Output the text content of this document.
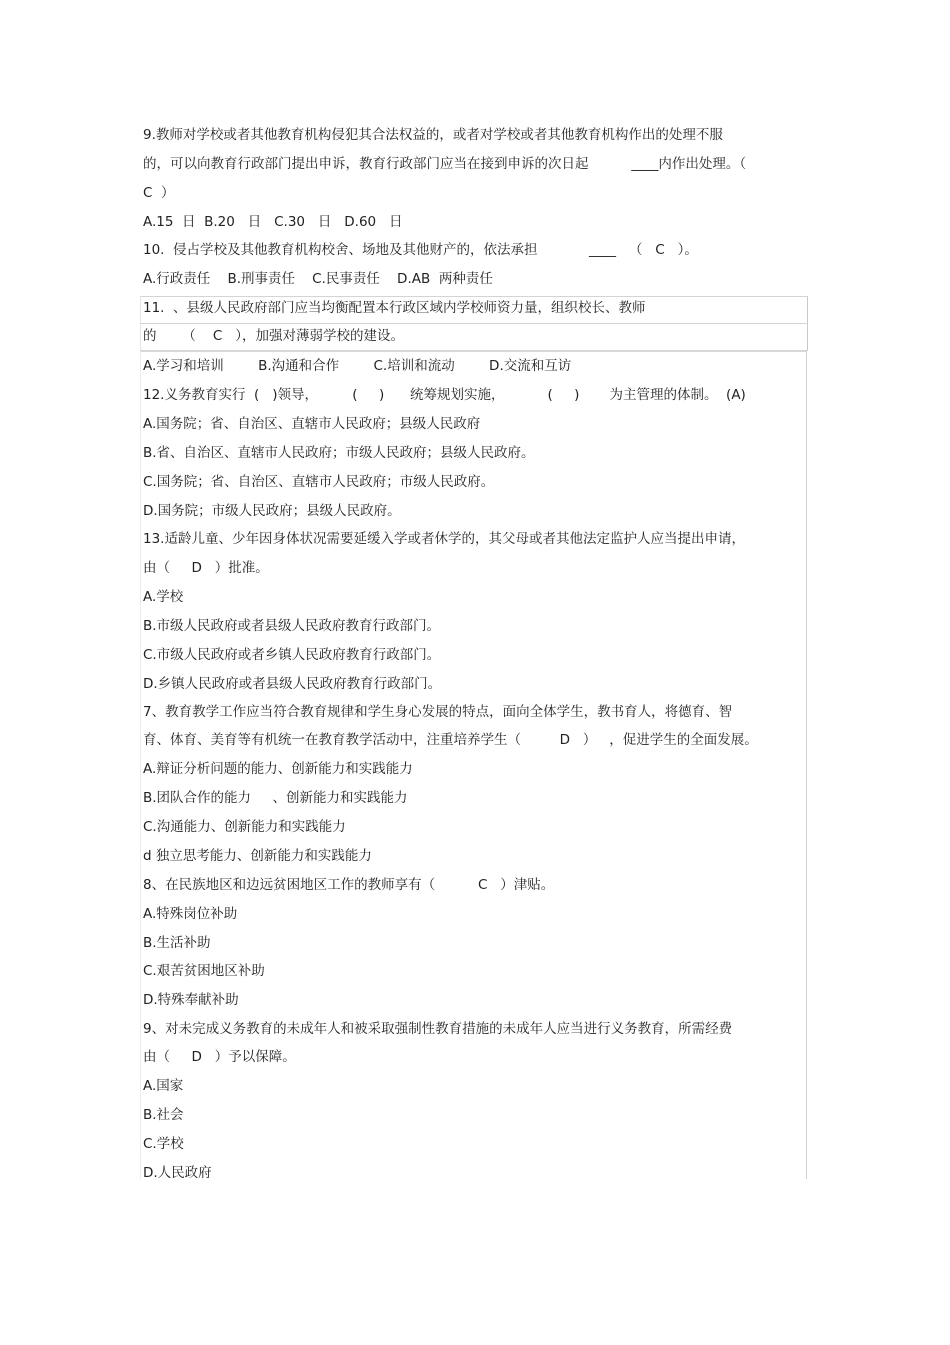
9.教师对学校或者其他教育机构侵犯其合法权益的，或者对学校或者其他教育机构作出的处理不服

的，可以向教育行政部门提出申诉，教育行政部门应当在接到申诉的次日起          ____内作出处理。（

C  ）

A.15  日  B.20   日   C.30   日   D.60   日

10.  侵占学校及其他教育机构校舍、场地及其他财产的，依法承担            ____   （   C   ）。

A.行政责任    B.刑事责任    C.民事责任    D.AB  两种责任

11.  、县级人民政府部门应当均衡配置本行政区域内学校师资力量，组织校长、教师

的      （    C   ），加强对薄弱学校的建设。

A.学习和培训        B.沟通和合作        C.培训和流动        D.交流和互访

12.义务教育实行  (   )领导，        (     )      统筹规划实施，          (     )       为主管理的体制。  (A)

A.国务院；省、自治区、直辖市人民政府；县级人民政府

B.省、自治区、直辖市人民政府；市级人民政府；县级人民政府。

C.国务院；省、自治区、直辖市人民政府；市级人民政府。

D.国务院；市级人民政府；县级人民政府。

13.适龄儿童、少年因身体状况需要延缓入学或者休学的，其父母或者其他法定监护人应当提出申请，

由（     D   ）批准。

A.学校

B.市级人民政府或者县级人民政府教育行政部门。

C.市级人民政府或者乡镇人民政府教育行政部门。

D.乡镇人民政府或者县级人民政府教育行政部门。

7、教育教学工作应当符合教育规律和学生身心发展的特点，面向全体学生，教书育人，将德育、智

育、体育、美育等有机统一在教育教学活动中，注重培养学生（         D   ）   ，促进学生的全面发展。

A.辩证分析问题的能力、创新能力和实践能力

B.团队合作的能力     、创新能力和实践能力

C.沟通能力、创新能力和实践能力

d 独立思考能力、创新能力和实践能力

8、在民族地区和边远贫困地区工作的教师享有（          C   ）津贴。

A.特殊岗位补助

B.生活补助

C.艰苦贫困地区补助

D.特殊奉献补助

9、对未完成义务教育的未成年人和被采取强制性教育措施的未成年人应当进行义务教育，所需经费

由（     D   ）予以保障。

A.国家

B.社会

C.学校

D.人民政府
